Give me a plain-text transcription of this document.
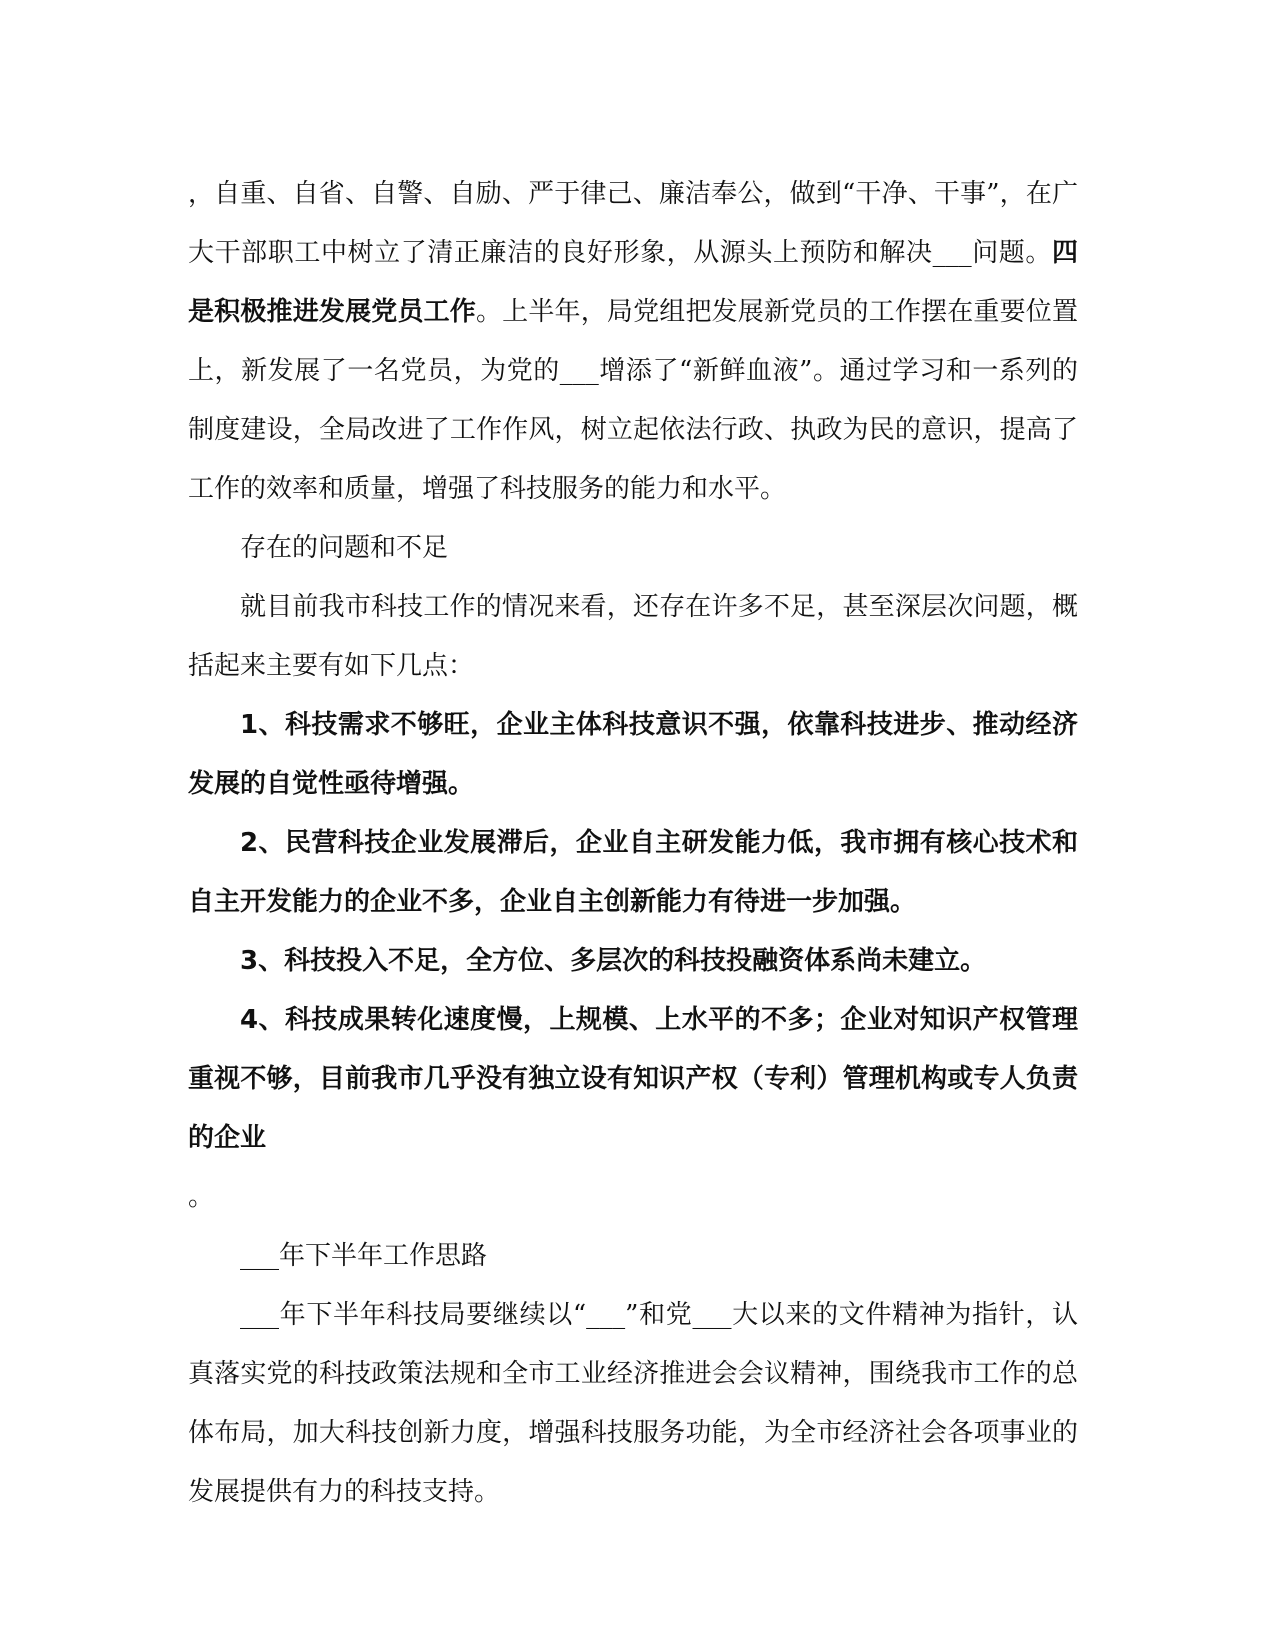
，自重、自省、自警、自励、严于律己、廉洁奉公，做到“干净、干事”，在广大干部职工中树立了清正廉洁的良好形象，从源头上预防和解决___问题。四是积极推进发展党员工作。上半年，局党组把发展新党员的工作摆在重要位置上，新发展了一名党员，为党的___增添了“新鲜血液”。通过学习和一系列的制度建设，全局改进了工作作风，树立起依法行政、执政为民的意识，提高了工作的效率和质量，增强了科技服务的能力和水平。

存在的问题和不足

就目前我市科技工作的情况来看，还存在许多不足，甚至深层次问题，概括起来主要有如下几点：

1、科技需求不够旺，企业主体科技意识不强，依靠科技进步、推动经济发展的自觉性亟待增强。

2、民营科技企业发展滞后，企业自主研发能力低，我市拥有核心技术和自主开发能力的企业不多，企业自主创新能力有待进一步加强。

3、科技投入不足，全方位、多层次的科技投融资体系尚未建立。

4、科技成果转化速度慢，上规模、上水平的不多；企业对知识产权管理重视不够，目前我市几乎没有独立设有知识产权（专利）管理机构或专人负责的企业
。

___年下半年工作思路

___年下半年科技局要继续以“___”和党___大以来的文件精神为指针，认真落实党的科技政策法规和全市工业经济推进会会议精神，围绕我市工作的总体布局，加大科技创新力度，增强科技服务功能，为全市经济社会各项事业的发展提供有力的科技支持。
